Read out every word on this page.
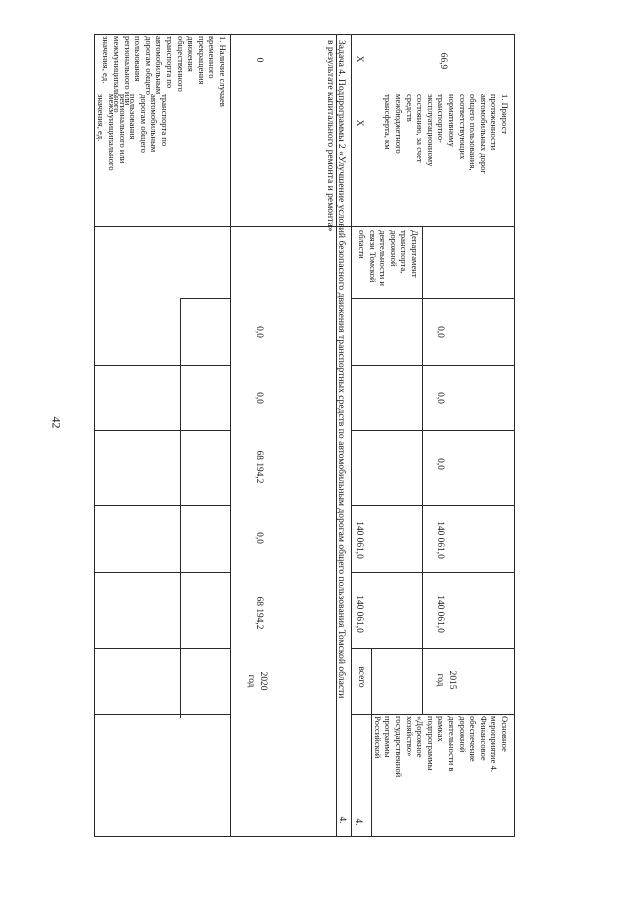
42
транспорта по
автомобильным
дорогам общего
пользования
регионального или
межмуниципального
значения, ед.
1. Наличие случаев
временного
прекращения
движения
общественного
транспорта по
автомобильным
дорогам общего
пользования
регионального или
межмуниципального
значения, ед.
0
0,0
0,0
68 194,2
0,0
68 194,2
2020
год
4.
Задача 4. Подпрограммы 2 «Улучшение условий безопасного движения транспортных средств по автомобильным дорогам общего пользования Томской области
в результате капитального ремонта и ремонта»
4.
Основное
мероприятие 4.
Финансовое
обеспечение
дорожной
деятельности в
рамках
подпрограммы
«Дорожное
хозяйство»
государственной
программы
Российской
всего	2015
год
140 061,0
140 061,0
140 061,0
140 061,0
0,0
0,0
0,0
Департамент
транспорта,
дорожной
деятельности и
связи Томской
области
X
X
1. Прирост
протяженности
автомобильных дорог
общего пользования,
соответствующих
нормативному
транспортно-
эксплуатационному
состоянию, за счет
средств
межбюджетного
трансферта, км
66,9
